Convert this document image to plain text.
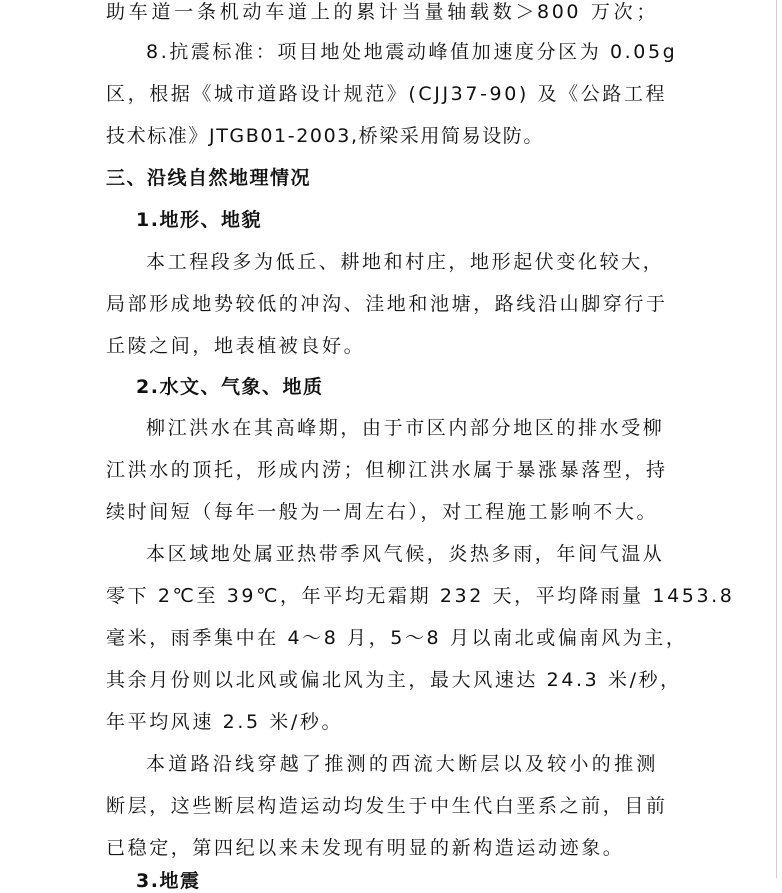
助车道一条机动车道上的累计当量轴载数＞800 万次；
8.抗震标准：项目地处地震动峰值加速度分区为 0.05g
区，根据《城市道路设计规范》(CJJ37-90) 及《公路工程
技术标准》JTGB01-2003,桥梁采用简易设防。
三、沿线自然地理情况
1.地形、地貌
本工程段多为低丘、耕地和村庄，地形起伏变化较大，
局部形成地势较低的冲沟、洼地和池塘，路线沿山脚穿行于
丘陵之间，地表植被良好。
2.水文、气象、地质
柳江洪水在其高峰期，由于市区内部分地区的排水受柳
江洪水的顶托，形成内涝；但柳江洪水属于暴涨暴落型，持
续时间短（每年一般为一周左右），对工程施工影响不大。
本区域地处属亚热带季风气候，炎热多雨，年间气温从
零下 2℃至 39℃，年平均无霜期 232 天，平均降雨量 1453.8
毫米，雨季集中在 4～8 月，5～8 月以南北或偏南风为主，
其余月份则以北风或偏北风为主，最大风速达 24.3 米/秒，
年平均风速 2.5 米/秒。
本道路沿线穿越了推测的西流大断层以及较小的推测
断层，这些断层构造运动均发生于中生代白垩系之前，目前
已稳定，第四纪以来未发现有明显的新构造运动迹象。
3.地震
